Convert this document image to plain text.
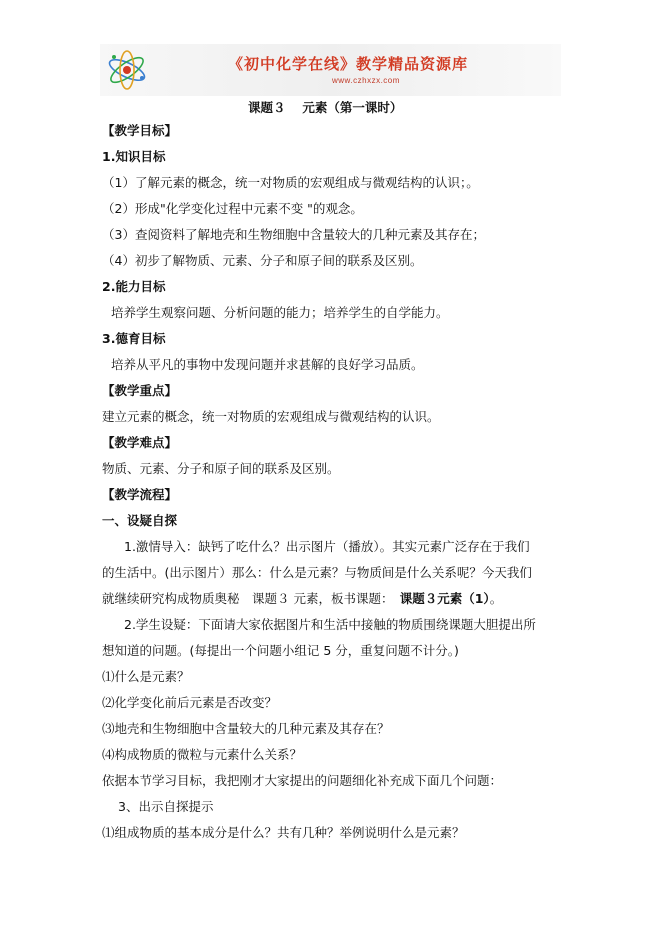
《初中化学在线》教学精品资源库
www.czhxzx.com
课题３　 元素（第一课时）
【教学目标】
1.知识目标
（1）了解元素的概念，统一对物质的宏观组成与微观结构的认识；。
（2）形成"化学变化过程中元素不变 "的观念。
（3）查阅资料了解地壳和生物细胞中含量较大的几种元素及其存在；
（4）初步了解物质、元素、分子和原子间的联系及区别。
2.能力目标
培养学生观察问题、分析问题的能力；培养学生的自学能力。
3.德育目标
培养从平凡的事物中发现问题并求甚解的良好学习品质。
【教学重点】
建立元素的概念，统一对物质的宏观组成与微观结构的认识。
【教学难点】
物质、元素、分子和原子间的联系及区别。
【教学流程】
一、设疑自探
1.激情导入：缺钙了吃什么？出示图片（播放）。其实元素广泛存在于我们
的生活中。(出示图片）那么：什么是元素？与物质间是什么关系呢？今天我们
就继续研究构成物质奥秘　课题３ 元素，板书课题：　课题３元素（1）。
2.学生设疑：下面请大家依据图片和生活中接触的物质围绕课题大胆提出所
想知道的问题。(每提出一个问题小组记 5 分，重复问题不计分。)
⑴什么是元素？
⑵化学变化前后元素是否改变？
⑶地壳和生物细胞中含量较大的几种元素及其存在？
⑷构成物质的微粒与元素什么关系？
依据本节学习目标，我把刚才大家提出的问题细化补充成下面几个问题：
3、出示自探提示
⑴组成物质的基本成分是什么？共有几种？举例说明什么是元素？
